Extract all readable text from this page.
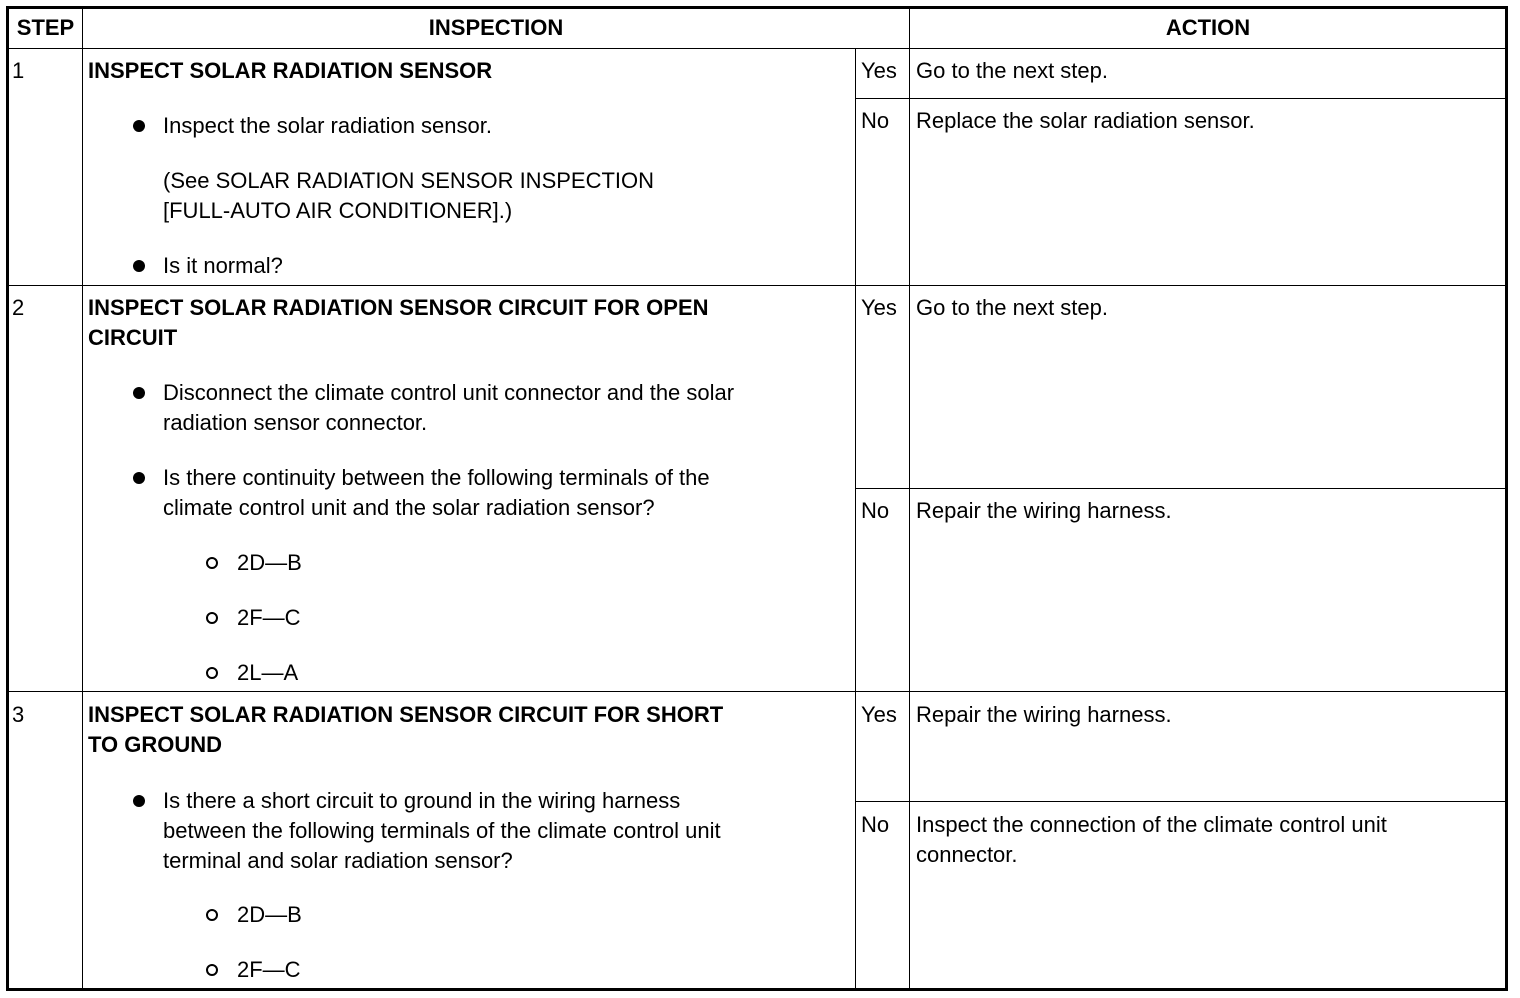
STEP	INSPECTION	ACTION
1	INSPECT SOLAR RADIATION SENSOR
Inspect the solar radiation sensor.
(See SOLAR RADIATION SENSOR INSPECTION
[FULL-AUTO AIR CONDITIONER].)
Is it normal?
Yes Go to the next step.
No Replace the solar radiation sensor.
2	INSPECT SOLAR RADIATION SENSOR CIRCUIT FOR OPEN
CIRCUIT
Disconnect the climate control unit connector and the solar
radiation sensor connector.
Is there continuity between the following terminals of the
climate control unit and the solar radiation sensor?
2D—B
2F—C
2L—A
Yes Go to the next step.
No Repair the wiring harness.
3	INSPECT SOLAR RADIATION SENSOR CIRCUIT FOR SHORT
TO GROUND
Is there a short circuit to ground in the wiring harness
between the following terminals of the climate control unit
terminal and solar radiation sensor?
2D—B
2F—C
Yes Repair the wiring harness.
No Inspect the connection of the climate control unit
connector.
